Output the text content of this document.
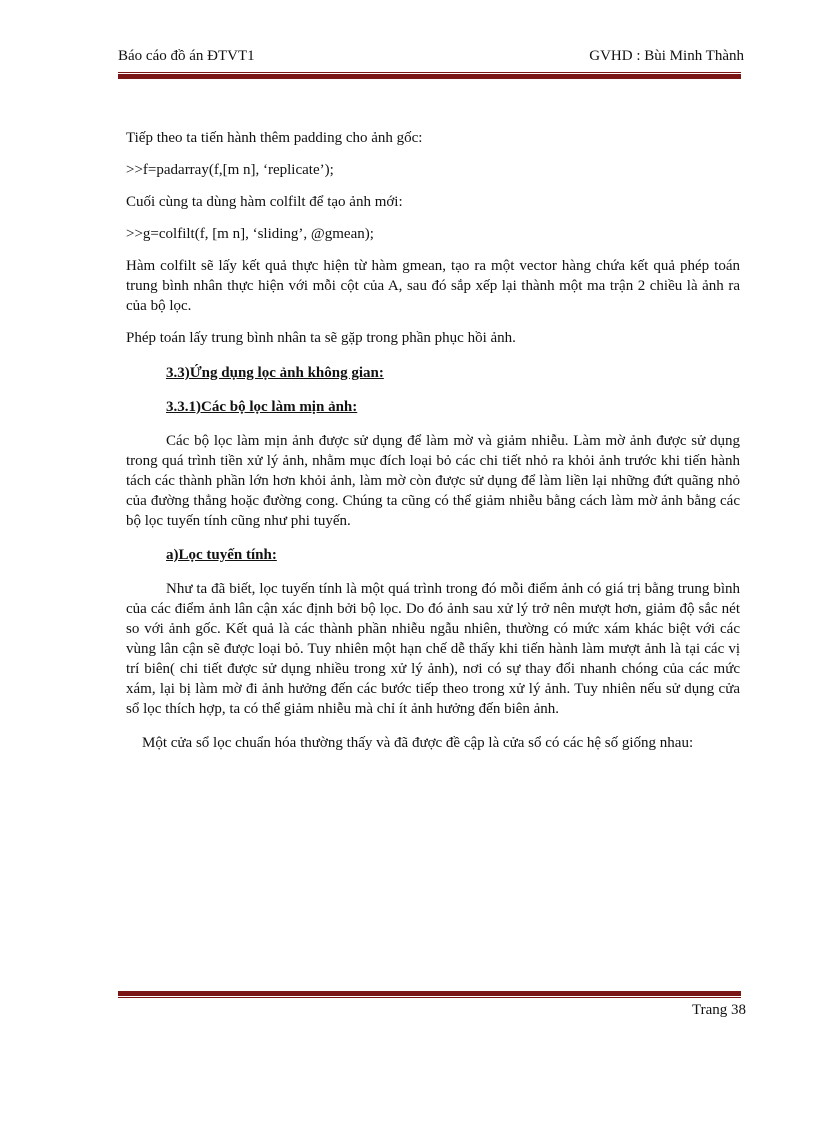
Báo cáo đồ án ĐTVT1	GVHD : Bùi Minh Thành

Tiếp theo ta tiến hành thêm padding cho ảnh gốc:

>>f=padarray(f,[m n], ‘replicate’);

Cuối cùng ta dùng hàm colfilt để tạo ảnh mới:

>>g=colfilt(f, [m n], ‘sliding’, @gmean);

Hàm colfilt sẽ lấy kết quả thực hiện từ hàm gmean, tạo ra một vector hàng chứa kết quả phép toán trung bình nhân thực hiện với mỗi cột của A, sau đó sắp xếp lại thành một ma trận 2 chiều là ảnh ra của bộ lọc.

Phép toán lấy trung bình nhân ta sẽ gặp trong phần phục hồi ảnh.

3.3)Ứng dụng lọc ảnh không gian:

3.3.1)Các bộ lọc làm mịn ảnh:

Các bộ lọc làm mịn ảnh được sử dụng để làm mờ và giảm nhiễu. Làm mờ ảnh được sử dụng trong quá trình tiền xử lý ảnh, nhằm mục đích loại bỏ các chi tiết nhỏ ra khỏi ảnh trước khi tiến hành tách các thành phần lớn hơn khỏi ảnh, làm mờ còn được sử dụng để làm liền lại những đứt quãng nhỏ của đường thẳng hoặc đường cong. Chúng ta cũng có thể giảm nhiễu bằng cách làm mờ ảnh bằng các bộ lọc tuyến tính cũng như phi tuyến.

a)Lọc tuyến tính:

Như ta đã biết, lọc tuyến tính là một quá trình trong đó mỗi điểm ảnh có giá trị bằng trung bình của các điểm ảnh lân cận xác định bởi bộ lọc. Do đó ảnh sau xử lý trở nên mượt hơn, giảm độ sắc nét so với ảnh gốc. Kết quả là các thành phần nhiễu ngẫu nhiên, thường có mức xám khác biệt với các vùng lân cận sẽ được loại bỏ. Tuy nhiên một hạn chế dễ thấy khi tiến hành làm mượt ảnh là tại các vị trí biên( chi tiết được sử dụng nhiều trong xử lý ảnh), nơi có sự thay đổi nhanh chóng của các mức xám, lại bị làm mờ đi ảnh hưởng đến các bước tiếp theo trong xử lý ảnh. Tuy nhiên nếu sử dụng cửa sổ lọc thích hợp, ta có thể giảm nhiễu mà chỉ ít ảnh hưởng đến biên ảnh.

Một cửa sổ lọc chuẩn hóa thường thấy và đã được đề cập là cửa sổ có các hệ số giống nhau:

Trang 38
